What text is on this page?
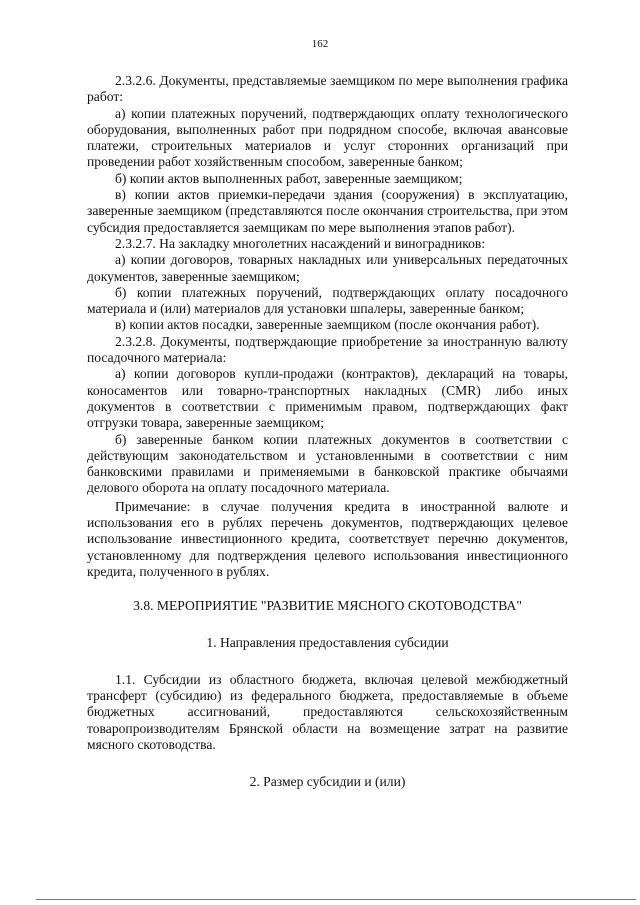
162

2.3.2.6. Документы, представляемые заемщиком по мере выполнения графика работ:

а) копии платежных поручений, подтверждающих оплату технологического оборудования, выполненных работ при подрядном способе, включая авансовые платежи, строительных материалов и услуг сторонних организаций при проведении работ хозяйственным способом, заверенные банком;

б) копии актов выполненных работ, заверенные заемщиком;

в) копии актов приемки-передачи здания (сооружения) в эксплуатацию, заверенные заемщиком (представляются после окончания строительства, при этом субсидия предоставляется заемщикам по мере выполнения этапов работ).

2.3.2.7. На закладку многолетних насаждений и виноградников:

а) копии договоров, товарных накладных или универсальных передаточных документов, заверенные заемщиком;

б) копии платежных поручений, подтверждающих оплату посадочного материала и (или) материалов для установки шпалеры, заверенные банком;

в) копии актов посадки, заверенные заемщиком (после окончания работ).

2.3.2.8. Документы, подтверждающие приобретение за иностранную валюту посадочного материала:

а) копии договоров купли-продажи (контрактов), деклараций на товары, коносаментов или товарно-транспортных накладных (CMR) либо иных документов в соответствии с применимым правом, подтверждающих факт отгрузки товара, заверенные заемщиком;

б) заверенные банком копии платежных документов в соответствии с действующим законодательством и установленными в соответствии с ним банковскими правилами и применяемыми в банковской практике обычаями делового оборота на оплату посадочного материала.

Примечание: в случае получения кредита в иностранной валюте и использования его в рублях перечень документов, подтверждающих целевое использование инвестиционного кредита, соответствует перечню документов, установленному для подтверждения целевого использования инвестиционного кредита, полученного в рублях.

3.8. МЕРОПРИЯТИЕ "РАЗВИТИЕ МЯСНОГО СКОТОВОДСТВА"

1. Направления предоставления субсидии

1.1. Субсидии из областного бюджета, включая целевой межбюджетный трансферт (субсидию) из федерального бюджета, предоставляемые в объеме бюджетных ассигнований, предоставляются сельскохозяйственным товаропроизводителям Брянской области на возмещение затрат на развитие мясного скотоводства.

2. Размер субсидии и (или)
